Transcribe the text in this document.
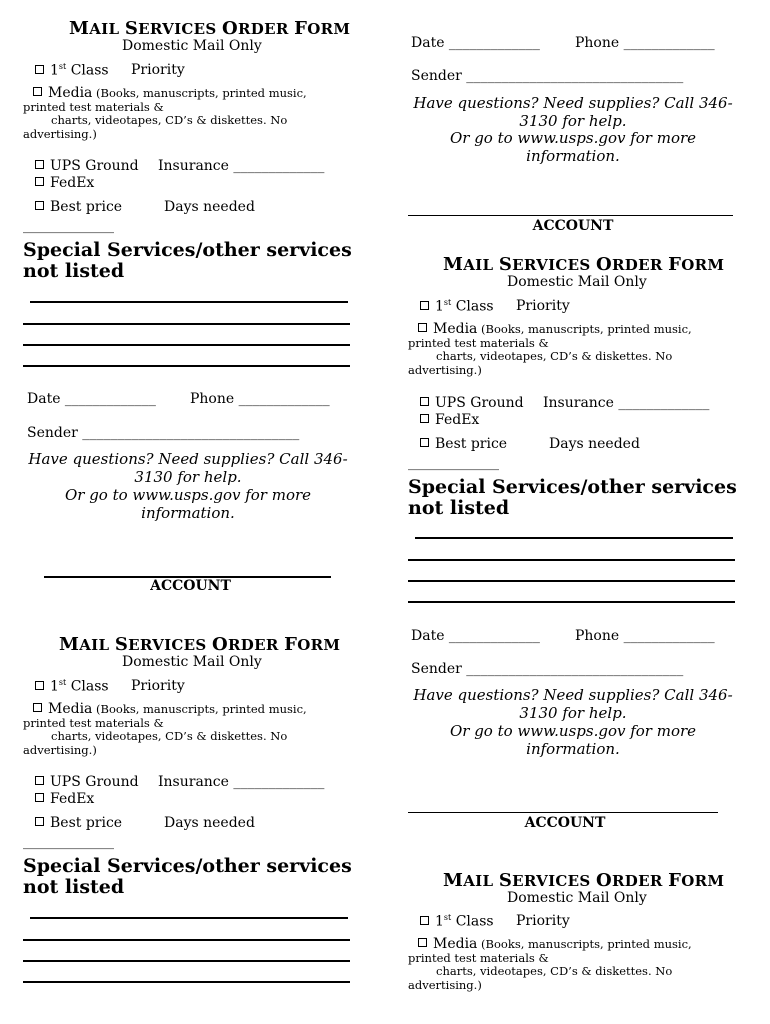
MAIL SERVICES ORDER FORM
Domestic Mail Only
1st Class Priority
Media (Books, manuscripts, printed music, printed test materials &
charts, videotapes, CD’s & diskettes. No advertising.)
UPS Ground Insurance _____________
FedEx
Best price	Days needed
_____________
Special Services/other services not listed
Date _____________ Phone _____________
Sender _______________________________
Have questions? Need supplies? Call 346-3130 for help.
Or go to www.usps.gov for more information.
ACCOUNT
MAIL SERVICES ORDER FORM
Domestic Mail Only
1st Class Priority
Media (Books, manuscripts, printed music, printed test materials &
charts, videotapes, CD’s & diskettes. No advertising.)
UPS Ground Insurance _____________
FedEx
Best price	Days needed
_____________
Special Services/other services not listed
Date _____________	Phone _____________
Sender _______________________________
Have questions? Need supplies? Call 346-3130 for help.
Or go to www.usps.gov for more information.
ACCOUNT
MAIL SERVICES ORDER FORM
Domestic Mail Only
1st Class Priority
Media (Books, manuscripts, printed music, printed test materials &
charts, videotapes, CD’s & diskettes. No advertising.)
UPS Ground Insurance _____________
FedEx
Best price	Days needed
_____________
Special Services/other services not listed
Date _____________	Phone _____________
Sender _______________________________
Have questions? Need supplies? Call 346-3130 for help.
Or go to www.usps.gov for more information.
ACCOUNT
MAIL SERVICES ORDER FORM
Domestic Mail Only
1st Class Priority
Media (Books, manuscripts, printed music, printed test materials &
charts, videotapes, CD’s & diskettes. No advertising.)
